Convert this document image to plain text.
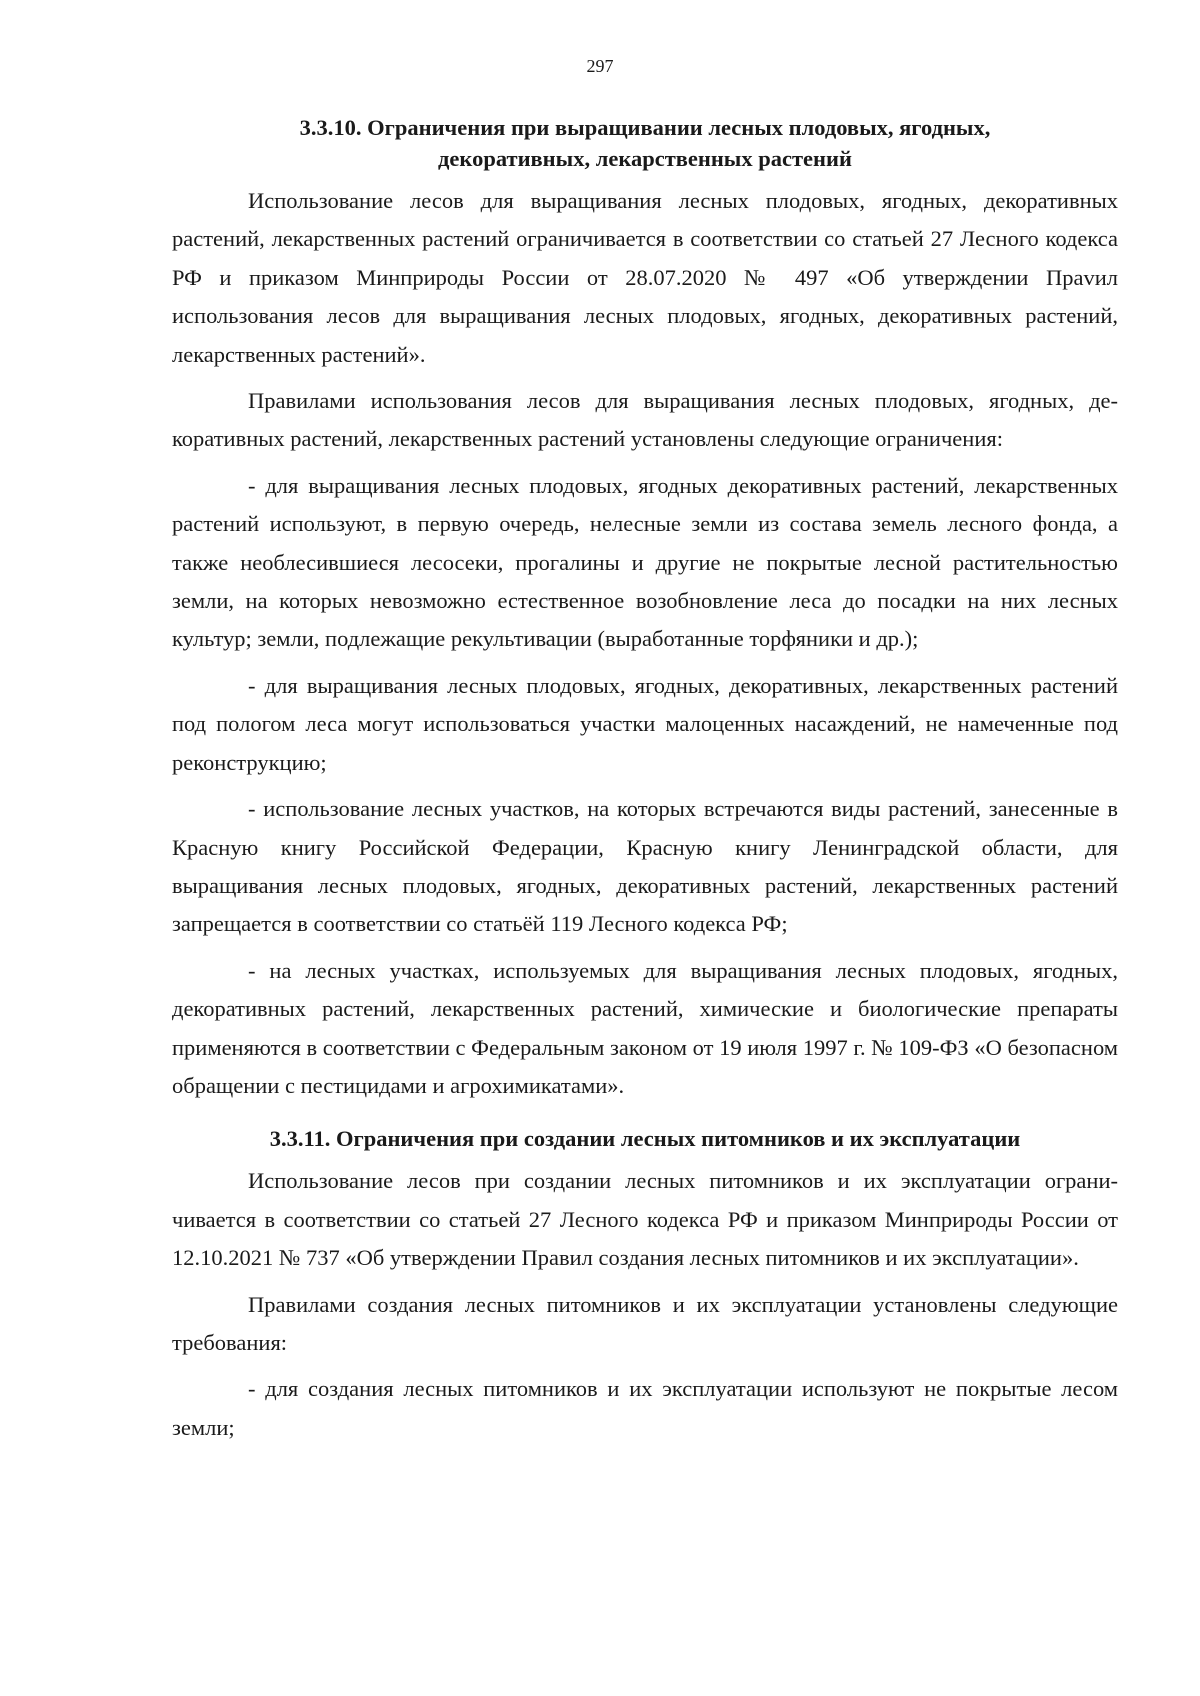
297
3.3.10. Ограничения при выращивании лесных плодовых, ягодных,
декоративных, лекарственных растений

Использование лесов для выращивания лесных плодовых, ягодных, декоративных растений, лекарственных растений ограничивается в соответствии со статьей 27 Лесного кодекса РФ и приказом Минприроды России от 28.07.2020 № 497 «Об утверждении Праvил использования лесов для выращивания лесных плодовых, ягодных, декоративных растений, лекарственных растений».

Правилами использования лесов для выращивания лесных плодовых, ягодных, декоративных растений, лекарственных растений установлены следующие ограничения:

- для выращивания лесных плодовых, ягодных декоративных растений, лекарственных растений используют, в первую очередь, нелесные земли из состава земель лесного фонда, а также необлесившиеся лесосеки, прогалины и другие не покрытые лесной растительностью земли, на которых невозможно естественное возобновление леса до посадки на них лесных культур; земли, подлежащие рекультивации (выработанные торфяники и др.);

- для выращивания лесных плодовых, ягодных, декоративных, лекарственных растений под пологом леса могут использоваться участки малоценных насаждений, не намеченные под реконструкцию;

- использование лесных участков, на которых встречаются виды растений, занесенные в Красную книгу Российской Федерации, Красную книгу Ленинградской области, для выращивания лесных плодовых, ягодных, декоративных растений, лекарственных растений запрещается в соответствии со статьёй 119 Лесного кодекса РФ;

- на лесных участках, используемых для выращивания лесных плодовых, ягодных, декоративных растений, лекарственных растений, химические и биологические препараты применяются в соответствии с Федеральным законом от 19 июля 1997 г. № 109-ФЗ «О безопасном обращении с пестицидами и агрохимикатами».

3.3.11. Ограничения при создании лесных питомников и их эксплуатации

Использование лесов при создании лесных питомников и их эксплуатации ограничивается в соответствии со статьей 27 Лесного кодекса РФ и приказом Минприроды России от 12.10.2021 № 737 «Об утверждении Правил создания лесных питомников и их эксплуатации».

Правилами создания лесных питомников и их эксплуатации установлены следующие требования:

- для создания лесных питомников и их эксплуатации используют не покрытые лесом земли;
